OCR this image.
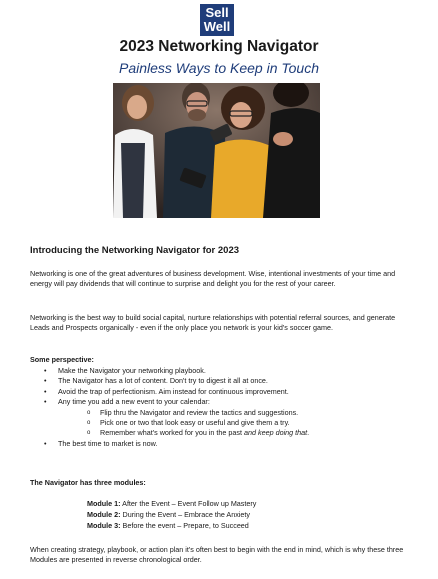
Sell
Well
2023 Networking Navigator
Painless Ways to Keep in Touch
Introducing the Networking Navigator for 2023
Networking is one of the great adventures of business development. Wise, intentional investments of your time and energy will pay dividends that will continue to surprise and delight you for the rest of your career.
Networking is the best way to build social capital, nurture relationships with potential referral sources, and generate Leads and Prospects organically - even if the only place you network is your kid's soccer game.
Some perspective:
• Make the Navigator your networking playbook.
• The Navigator has a lot of content. Don't try to digest it all at once.
• Avoid the trap of perfectionism. Aim instead for continuous improvement.
• Any time you add a new event to your calendar:
o Flip thru the Navigator and review the tactics and suggestions.
o Pick one or two that look easy or useful and give them a try.
o Remember what's worked for you in the past and keep doing that.
• The best time to market is now.
The Navigator has three modules:
Module 1: After the Event – Event Follow up Mastery
Module 2: During the Event – Embrace the Anxiety
Module 3: Before the event – Prepare, to Succeed
When creating strategy, playbook, or action plan it's often best to begin with the end in mind, which is why these three Modules are presented in reverse chronological order.
